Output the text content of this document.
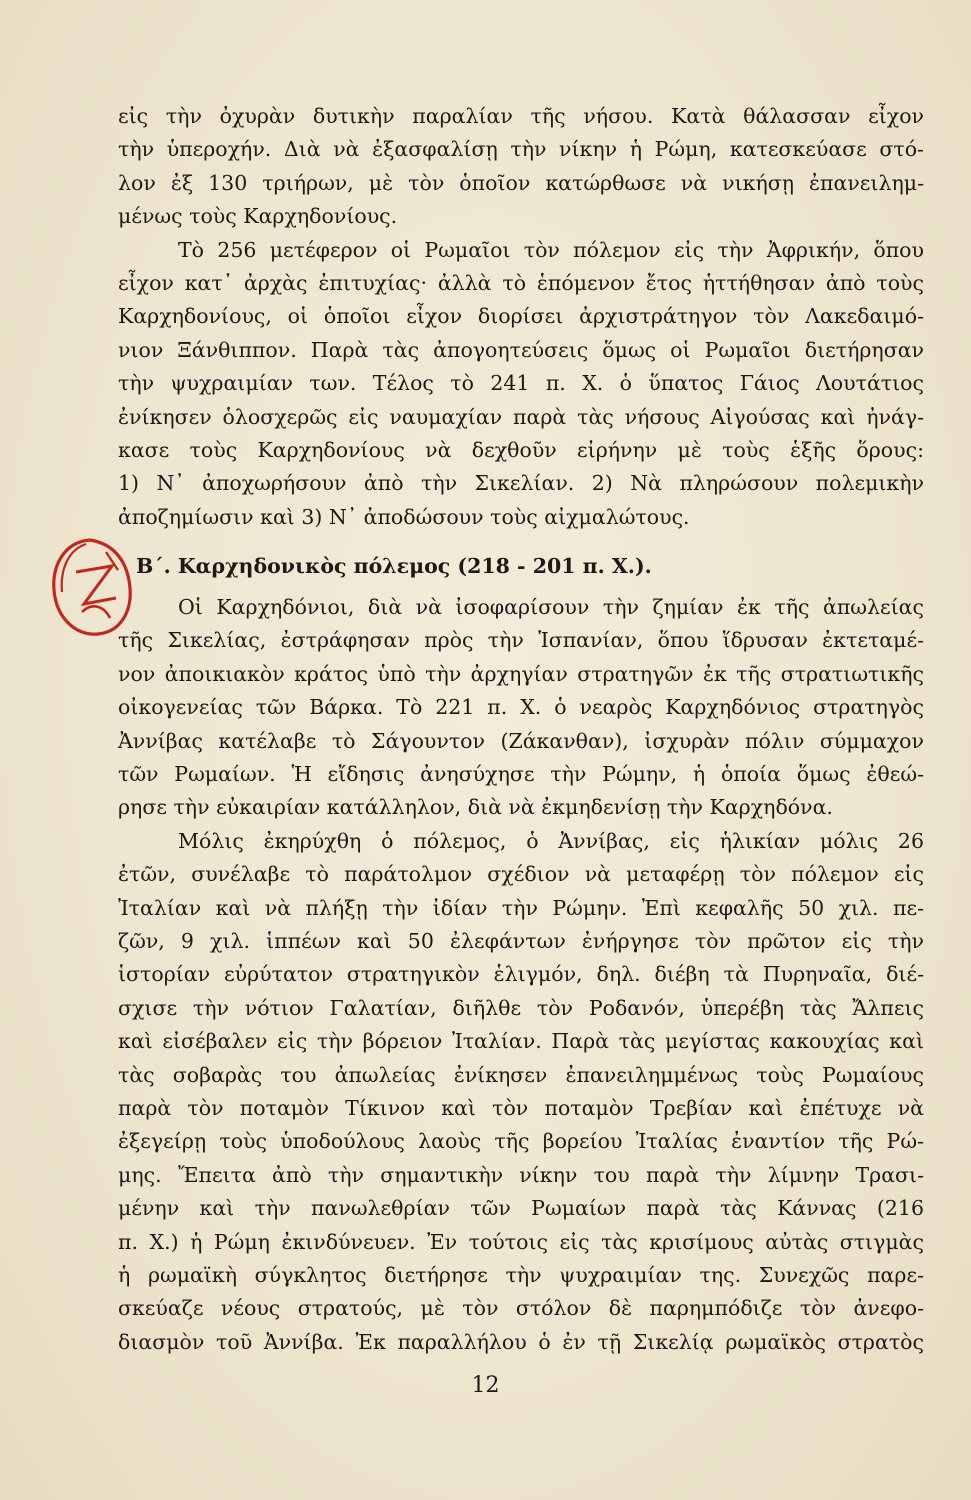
εἰς τὴν ὀχυρὰν δυτικὴν παραλίαν τῆς νήσου. Κατὰ θάλασσαν εἶχον
τὴν ὑπεροχήν. Διὰ νὰ ἐξασφαλίσῃ τὴν νίκην ἡ Ρώμη, κατεσκεύασε στό-
λον ἐξ 130 τριήρων, μὲ τὸν ὁποῖον κατώρθωσε νὰ νικήσῃ ἐπανειλημ-
μένως τοὺς Καρχηδονίους.
Τὸ 256 μετέφερον οἱ Ρωμαῖοι τὸν πόλεμον εἰς τὴν Ἀφρικήν, ὅπου
εἶχον κατ᾽ ἀρχὰς ἐπιτυχίας· ἀλλὰ τὸ ἑπόμενον ἔτος ἡττήθησαν ἀπὸ τοὺς
Καρχηδονίους, οἱ ὁποῖοι εἶχον διορίσει ἀρχιστράτηγον τὸν Λακεδαιμό-
νιον Ξάνθιππον. Παρὰ τὰς ἀπογοητεύσεις ὅμως οἱ Ρωμαῖοι διετήρησαν
τὴν ψυχραιμίαν των. Τέλος τὸ 241 π. Χ. ὁ ὕπατος Γάιος Λουτάτιος
ἐνίκησεν ὁλοσχερῶς εἰς ναυμαχίαν παρὰ τὰς νήσους Αἰγούσας καὶ ἠνάγ-
κασε τοὺς Καρχηδονίους νὰ δεχθοῦν εἰρήνην μὲ τοὺς ἑξῆς ὅρους:
1) Ν᾽ ἀποχωρήσουν ἀπὸ τὴν Σικελίαν. 2) Νὰ πληρώσουν πολεμικὴν
ἀποζημίωσιν καὶ 3) Ν᾽ ἀποδώσουν τοὺς αἰχμαλώτους.
Β΄. Καρχηδονικὸς πόλεμος (218 - 201 π. Χ.).
Οἱ Καρχηδόνιοι, διὰ νὰ ἰσοφαρίσουν τὴν ζημίαν ἐκ τῆς ἀπωλείας
τῆς Σικελίας, ἐστράφησαν πρὸς τὴν Ἱσπανίαν, ὅπου ἵδρυσαν ἐκτεταμέ-
νον ἀποικιακὸν κράτος ὑπὸ τὴν ἀρχηγίαν στρατηγῶν ἐκ τῆς στρατιωτικῆς
οἰκογενείας τῶν Βάρκα. Τὸ 221 π. Χ. ὁ νεαρὸς Καρχηδόνιος στρατηγὸς
Ἀννίβας κατέλαβε τὸ Σάγουντον (Ζάκανθαν), ἰσχυρὰν πόλιν σύμμαχον
τῶν Ρωμαίων. Ἡ εἴδησις ἀνησύχησε τὴν Ρώμην, ἡ ὁποία ὅμως ἐθεώ-
ρησε τὴν εὐκαιρίαν κατάλληλον, διὰ νὰ ἐκμηδενίσῃ τὴν Καρχηδόνα.
Μόλις ἐκηρύχθη ὁ πόλεμος, ὁ Ἀννίβας, εἰς ἡλικίαν μόλις 26
ἐτῶν, συνέλαβε τὸ παράτολμον σχέδιον νὰ μεταφέρῃ τὸν πόλεμον εἰς
Ἰταλίαν καὶ νὰ πλήξῃ τὴν ἰδίαν τὴν Ρώμην. Ἐπὶ κεφαλῆς 50 χιλ. πε-
ζῶν, 9 χιλ. ἱππέων καὶ 50 ἐλεφάντων ἐνήργησε τὸν πρῶτον εἰς τὴν
ἱστορίαν εὐρύτατον στρατηγικὸν ἑλιγμόν, δηλ. διέβη τὰ Πυρηναῖα, διέ-
σχισε τὴν νότιον Γαλατίαν, διῆλθε τὸν Ροδανόν, ὑπερέβη τὰς Ἄλπεις
καὶ εἰσέβαλεν εἰς τὴν βόρειον Ἰταλίαν. Παρὰ τὰς μεγίστας κακουχίας καὶ
τὰς σοβαρὰς του ἀπωλείας ἐνίκησεν ἐπανειλημμένως τοὺς Ρωμαίους
παρὰ τὸν ποταμὸν Τίκινον καὶ τὸν ποταμὸν Τρεβίαν καὶ ἐπέτυχε νὰ
ἐξεγείρῃ τοὺς ὑποδούλους λαοὺς τῆς βορείου Ἰταλίας ἐναντίον τῆς Ρώ-
μης. Ἔπειτα ἀπὸ τὴν σημαντικὴν νίκην του παρὰ τὴν λίμνην Τρασι-
μένην καὶ τὴν πανωλεθρίαν τῶν Ρωμαίων παρὰ τὰς Κάννας (216
π. Χ.) ἡ Ρώμη ἐκινδύνευεν. Ἐν τούτοις εἰς τὰς κρισίμους αὐτὰς στιγμὰς
ἡ ρωμαϊκὴ σύγκλητος διετήρησε τὴν ψυχραιμίαν της. Συνεχῶς παρε-
σκεύαζε νέους στρατούς, μὲ τὸν στόλον δὲ παρημπόδιζε τὸν ἀνεφο-
διασμὸν τοῦ Ἀννίβα. Ἐκ παραλλήλου ὁ ἐν τῇ Σικελίᾳ ρωμαϊκὸς στρατὸς
12
